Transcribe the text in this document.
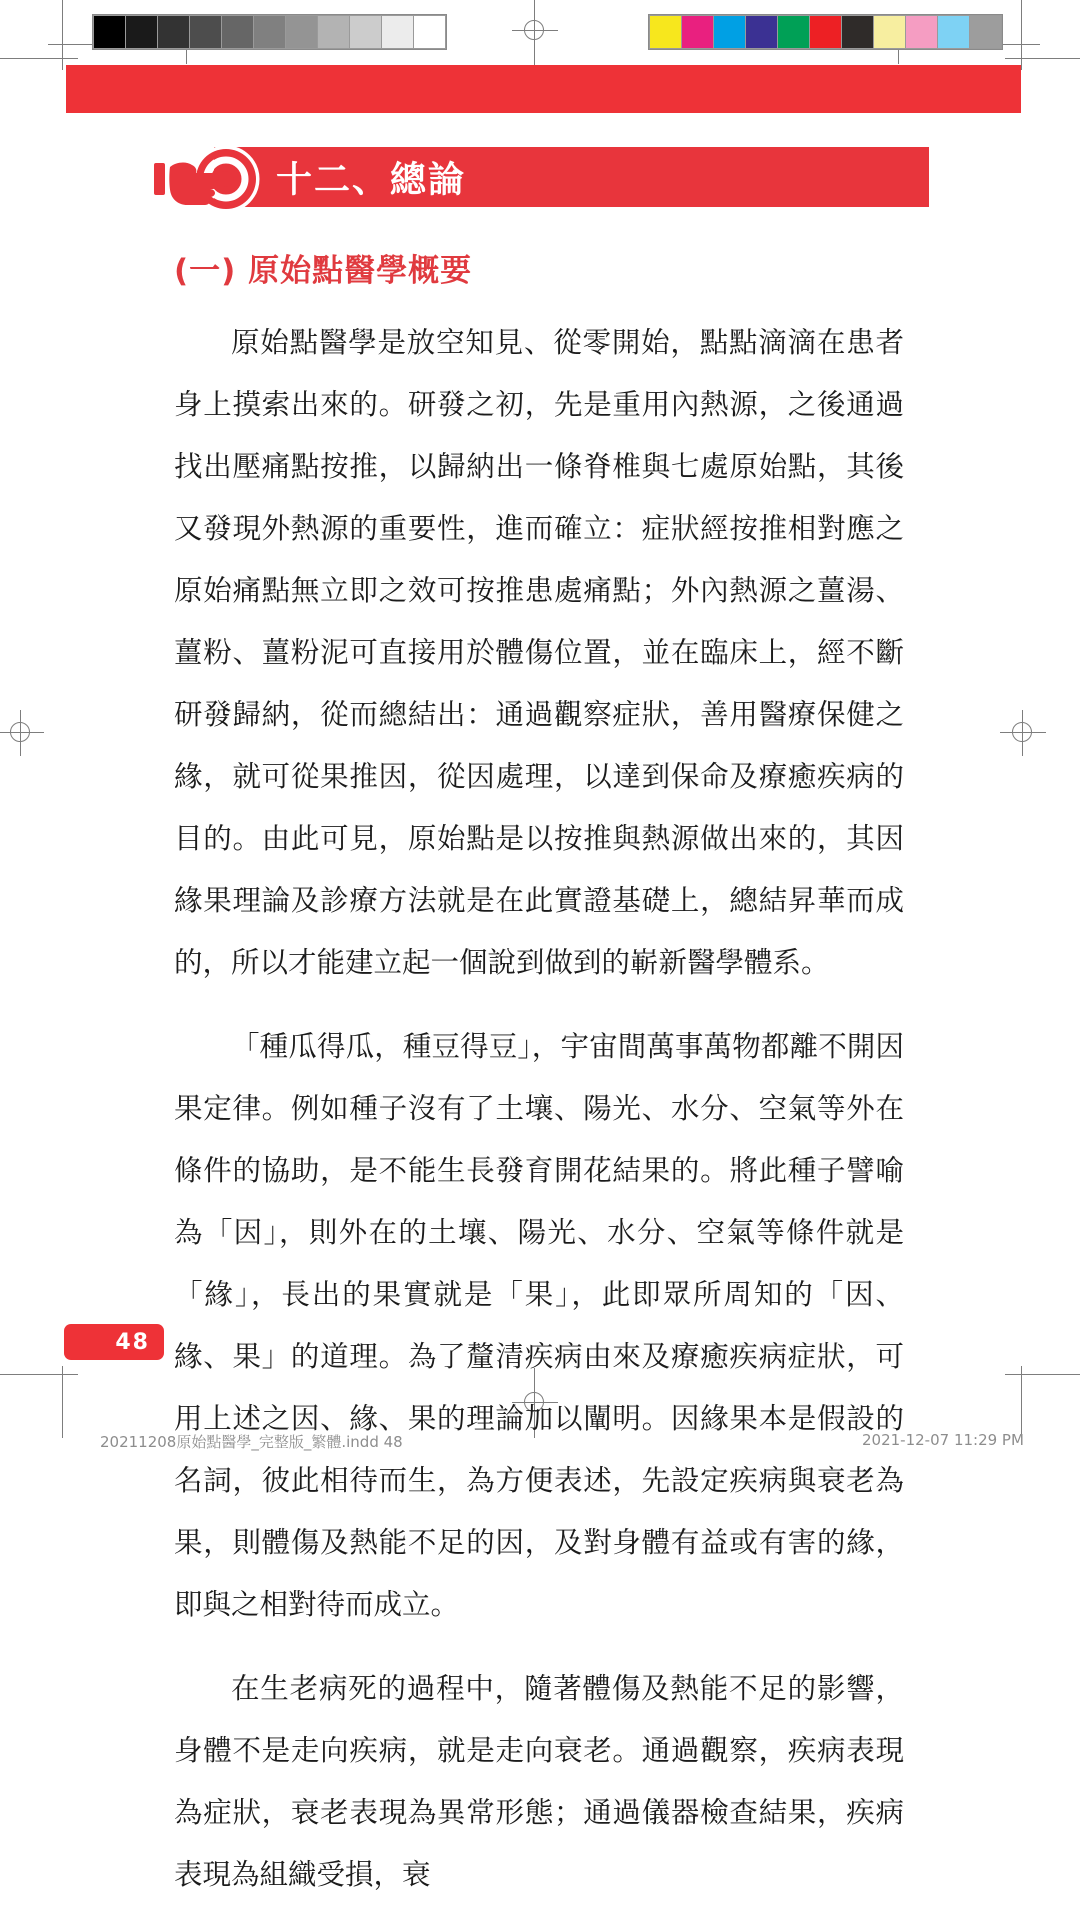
十二、總論
(一) 原始點醫學概要

原始點醫學是放空知見、從零開始，點點滴滴在患者身上摸索出來的。研發之初，先是重用內熱源，之後通過找出壓痛點按推，以歸納出一條脊椎與七處原始點，其後又發現外熱源的重要性，進而確立：症狀經按推相對應之原始痛點無立即之效可按推患處痛點；外內熱源之薑湯、薑粉、薑粉泥可直接用於體傷位置，並在臨床上，經不斷研發歸納，從而總結出：通過觀察症狀，善用醫療保健之緣，就可從果推因，從因處理，以達到保命及療癒疾病的目的。由此可見，原始點是以按推與熱源做出來的，其因緣果理論及診療方法就是在此實證基礎上，總結昇華而成的，所以才能建立起一個說到做到的嶄新醫學體系。

「種瓜得瓜，種豆得豆」，宇宙間萬事萬物都離不開因果定律。例如種子沒有了土壤、陽光、水分、空氣等外在條件的協助，是不能生長發育開花結果的。將此種子譬喻為「因」，則外在的土壤、陽光、水分、空氣等條件就是「緣」，長出的果實就是「果」，此即眾所周知的「因、緣、果」的道理。為了釐清疾病由來及療癒疾病症狀，可用上述之因、緣、果的理論加以闡明。因緣果本是假設的名詞，彼此相待而生，為方便表述，先設定疾病與衰老為果，則體傷及熱能不足的因，及對身體有益或有害的緣，即與之相對待而成立。

在生老病死的過程中，隨著體傷及熱能不足的影響，身體不是走向疾病，就是走向衰老。通過觀察，疾病表現為症狀，衰老表現為異常形態；通過儀器檢查結果，疾病表現為組織受損，衰

48
20211208原始點醫學_完整版_繁體.indd 48	2021-12-07 11:29 PM
